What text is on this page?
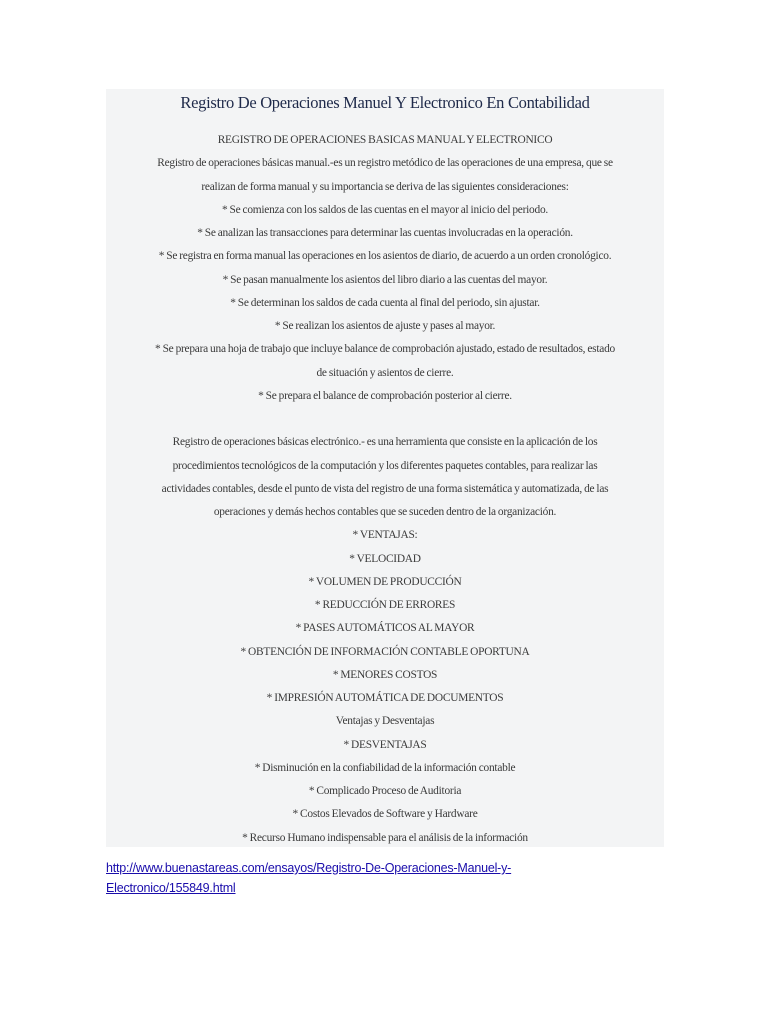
Registro De Operaciones Manuel Y Electronico En Contabilidad
REGISTRO DE OPERACIONES BASICAS MANUAL Y ELECTRONICO
Registro de operaciones básicas manual.-es un registro metódico de las operaciones de una empresa, que se
realizan de forma manual y su importancia se deriva de las siguientes consideraciones:
* Se comienza con los saldos de las cuentas en el mayor al inicio del periodo.
* Se analizan las transacciones para determinar las cuentas involucradas en la operación.
* Se registra en forma manual las operaciones en los asientos de diario, de acuerdo a un orden cronológico.
* Se pasan manualmente los asientos del libro diario a las cuentas del mayor.
* Se determinan los saldos de cada cuenta al final del periodo, sin ajustar.
* Se realizan los asientos de ajuste y pases al mayor.
* Se prepara una hoja de trabajo que incluye balance de comprobación ajustado, estado de resultados, estado
de situación y asientos de cierre.
* Se prepara el balance de comprobación posterior al cierre.
Registro de operaciones básicas electrónico.- es una herramienta que consiste en la aplicación de los
procedimientos tecnológicos de la computación y los diferentes paquetes contables, para realizar las
actividades contables, desde el punto de vista del registro de una forma sistemática y automatizada, de las
operaciones y demás hechos contables que se suceden dentro de la organización.
* VENTAJAS:
* VELOCIDAD
* VOLUMEN DE PRODUCCIÓN
* REDUCCIÓN DE ERRORES
* PASES AUTOMÁTICOS AL MAYOR
* OBTENCIÓN DE INFORMACIÓN CONTABLE OPORTUNA
* MENORES COSTOS
* IMPRESIÓN AUTOMÁTICA DE DOCUMENTOS
Ventajas y Desventajas
* DESVENTAJAS
* Disminución en la confiabilidad de la información contable
* Complicado Proceso de Auditoria
* Costos Elevados de Software y Hardware
* Recurso Humano indispensable para el análisis de la información
http://www.buenastareas.com/ensayos/Registro-De-Operaciones-Manuel-y-
Electronico/155849.html
